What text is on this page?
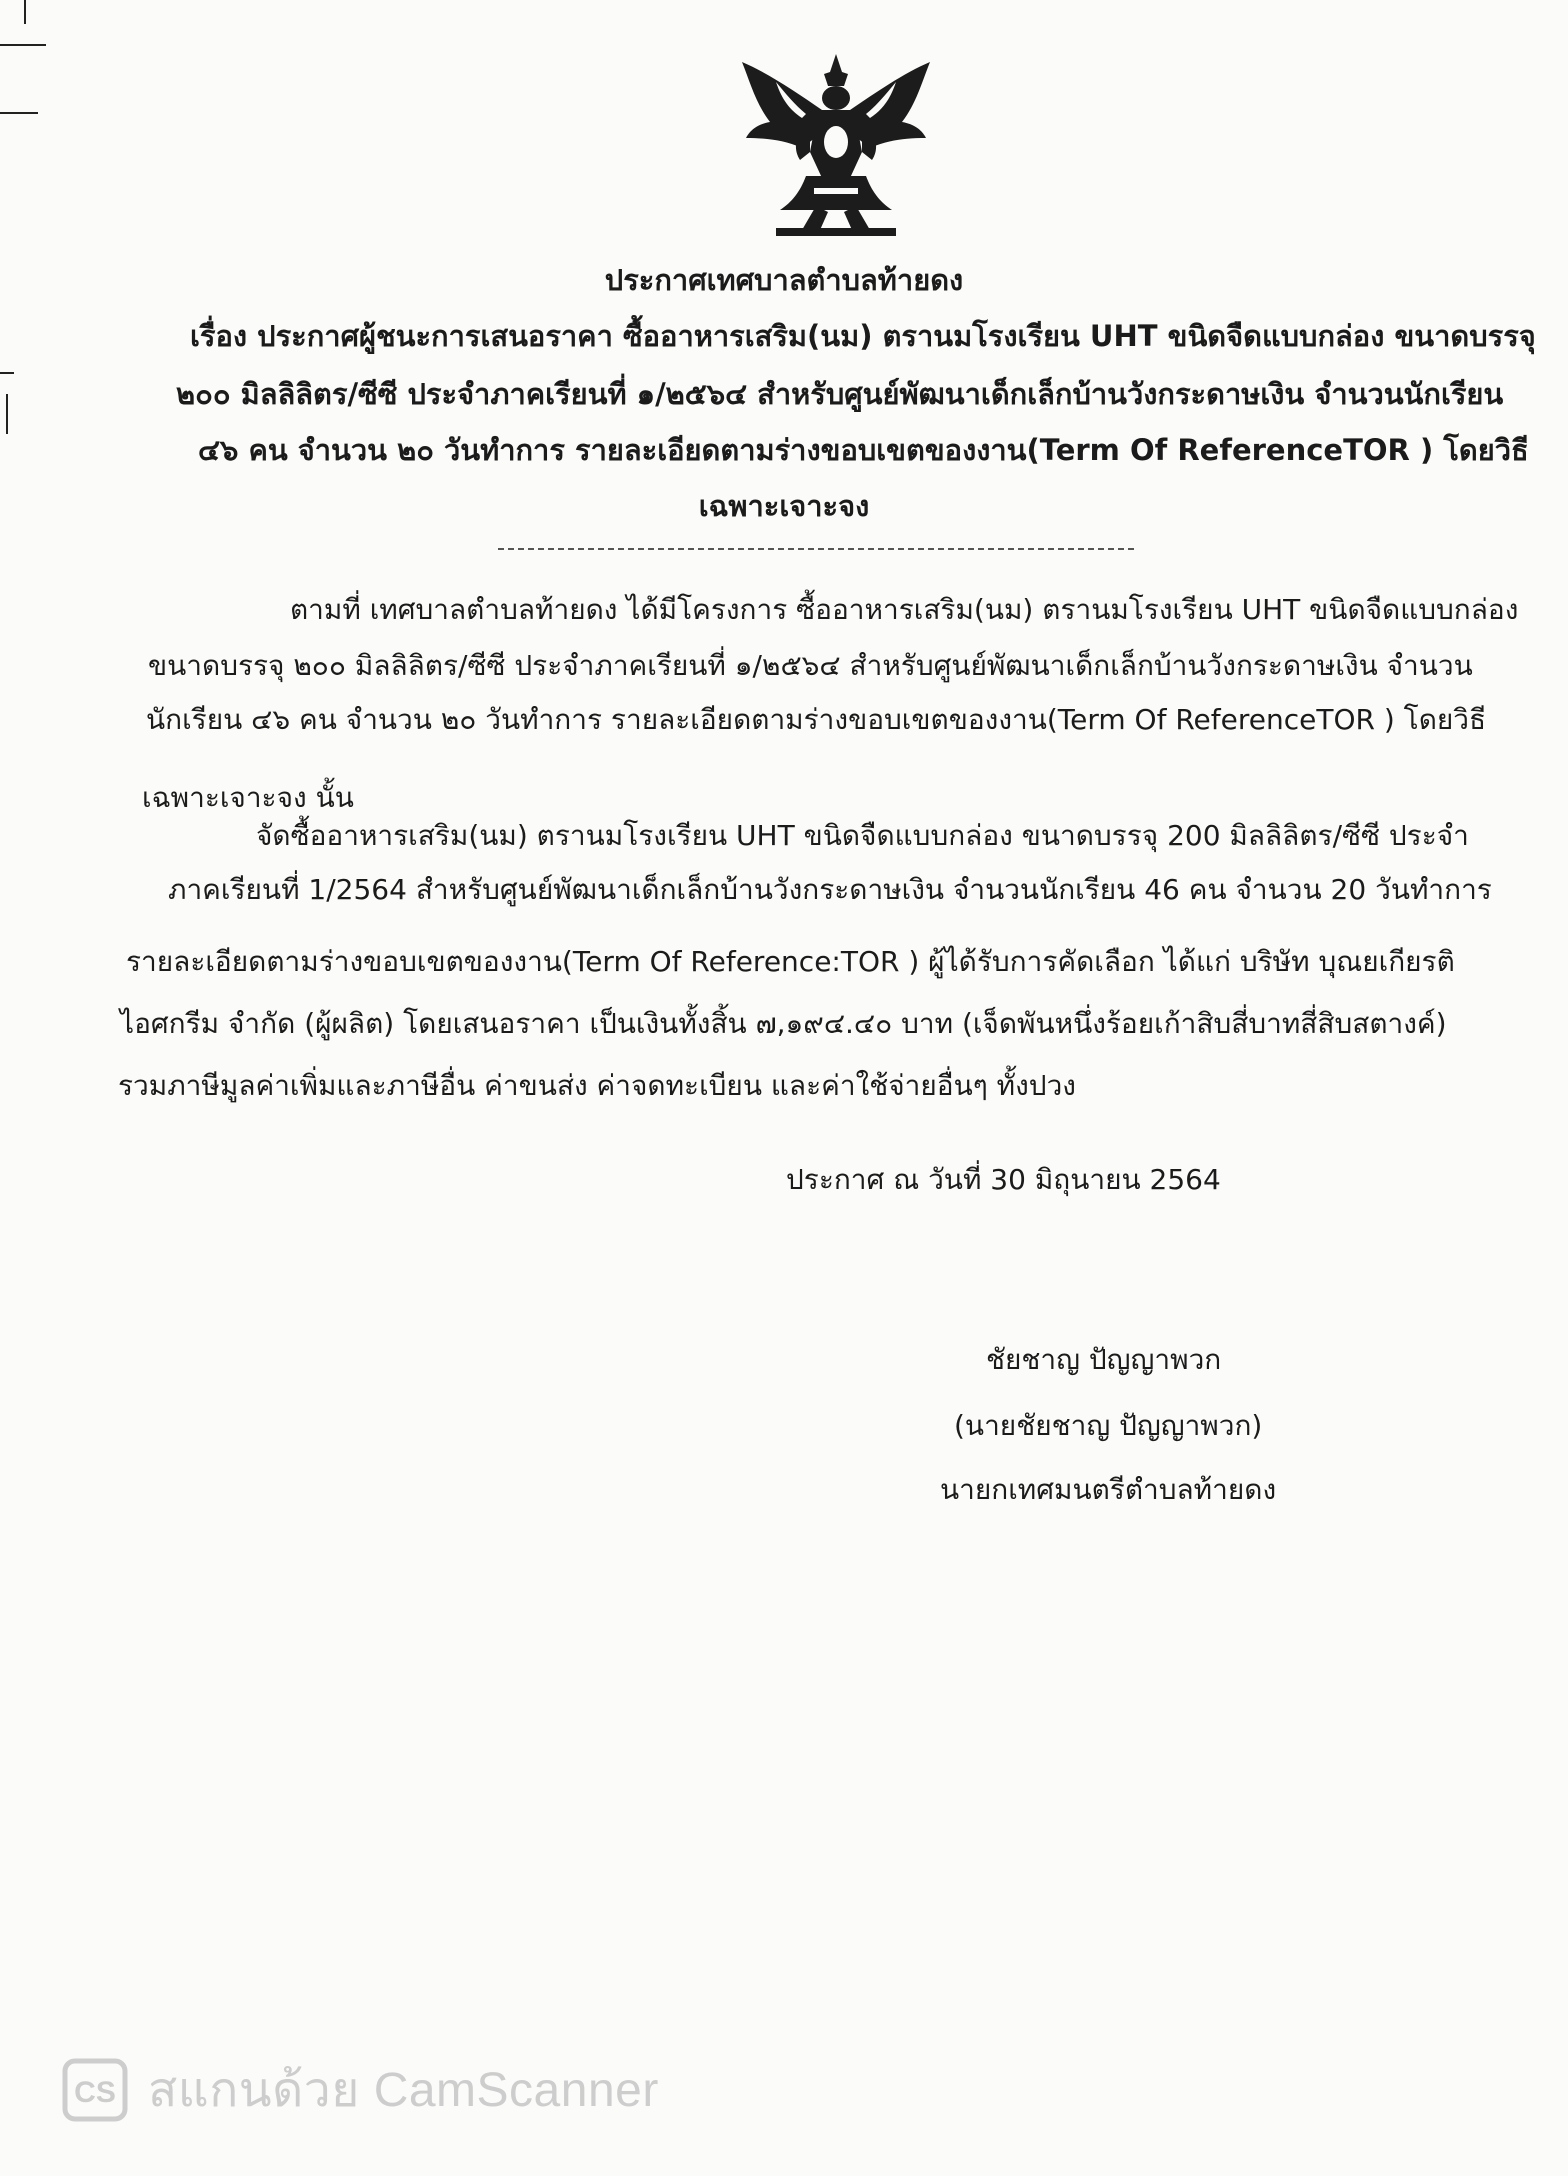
ประกาศเทศบาลตำบลท้ายดง
เรื่อง ประกาศผู้ชนะการเสนอราคา ซื้ออาหารเสริม(นม) ตรานมโรงเรียน UHT ขนิดจืดแบบกล่อง ขนาดบรรจุ
๒๐๐ มิลลิลิตร/ซีซี ประจำภาคเรียนที่ ๑/๒๕๖๔ สำหรับศูนย์พัฒนาเด็กเล็กบ้านวังกระดาษเงิน จำนวนนักเรียน
๔๖ คน จำนวน ๒๐ วันทำการ รายละเอียดตามร่างขอบเขตของงาน(Term Of ReferenceTOR ) โดยวิธี
เฉพาะเจาะจง
ตามที่ เทศบาลตำบลท้ายดง ได้มีโครงการ ซื้ออาหารเสริม(นม) ตรานมโรงเรียน UHT ขนิดจืดแบบกล่อง
ขนาดบรรจุ ๒๐๐ มิลลิลิตร/ซีซี ประจำภาคเรียนที่ ๑/๒๕๖๔ สำหรับศูนย์พัฒนาเด็กเล็กบ้านวังกระดาษเงิน จำนวน
นักเรียน ๔๖ คน จำนวน ๒๐ วันทำการ รายละเอียดตามร่างขอบเขตของงาน(Term Of ReferenceTOR ) โดยวิธี
เฉพาะเจาะจง นั้น
จัดซื้ออาหารเสริม(นม) ตรานมโรงเรียน UHT ขนิดจืดแบบกล่อง ขนาดบรรจุ 200 มิลลิลิตร/ซีซี ประจำ
ภาคเรียนที่ 1/2564 สำหรับศูนย์พัฒนาเด็กเล็กบ้านวังกระดาษเงิน จำนวนนักเรียน 46 คน จำนวน 20 วันทำการ
รายละเอียดตามร่างขอบเขตของงาน(Term Of Reference:TOR ) ผู้ได้รับการคัดเลือก ได้แก่ บริษัท บุณยเกียรติ
ไอศกรีม จำกัด (ผู้ผลิต) โดยเสนอราคา เป็นเงินทั้งสิ้น ๗,๑๙๔.๔๐ บาท (เจ็ดพันหนึ่งร้อยเก้าสิบสี่บาทสี่สิบสตางค์)
รวมภาษีมูลค่าเพิ่มและภาษีอื่น ค่าขนส่ง ค่าจดทะเบียน และค่าใช้จ่ายอื่นๆ ทั้งปวง
ประกาศ ณ วันที่ 30 มิถุนายน 2564
ชัยชาญ ปัญญาพวก
(นายชัยชาญ ปัญญาพวก)
นายกเทศมนตรีตำบลท้ายดง
CS สแกนด้วย CamScanner
